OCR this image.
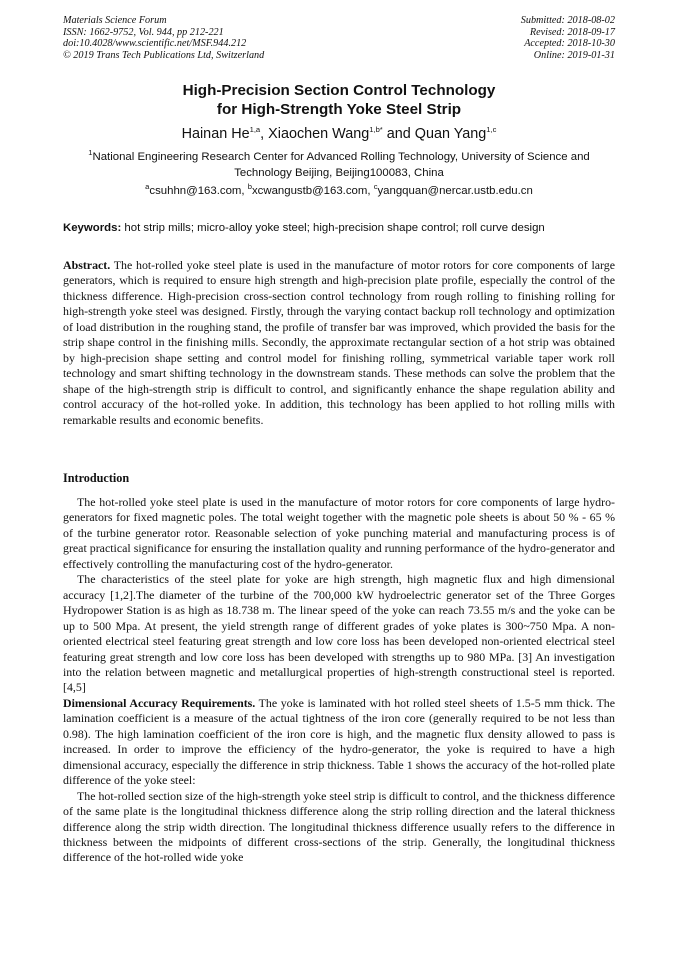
Materials Science Forum
ISSN: 1662-9752, Vol. 944, pp 212-221
doi:10.4028/www.scientific.net/MSF.944.212
© 2019 Trans Tech Publications Ltd, Switzerland
Submitted: 2018-08-02
Revised: 2018-09-17
Accepted: 2018-10-30
Online: 2019-01-31
High-Precision Section Control Technology
for High-Strength Yoke Steel Strip
Hainan He$^{1,a}$, Xiaochen Wang$^{1,b*}$ and Quan Yang$^{1,c}$
$^1$National Engineering Research Center for Advanced Rolling Technology, University of Science and Technology Beijing, Beijing100083, China
$^a$csuhhn@163.com, $^b$xcwangustb@163.com, $^c$yangquan@nercar.ustb.edu.cn
Keywords: hot strip mills; micro-alloy yoke steel; high-precision shape control; roll curve design
Abstract. The hot-rolled yoke steel plate is used in the manufacture of motor rotors for core components of large generators, which is required to ensure high strength and high-precision plate profile, especially the control of the thickness difference. High-precision cross-section control technology from rough rolling to finishing rolling for high-strength yoke steel was designed. Firstly, through the varying contact backup roll technology and optimization of load distribution in the roughing stand, the profile of transfer bar was improved, which provided the basis for the strip shape control in the finishing mills. Secondly, the approximate rectangular section of a hot strip was obtained by high-precision shape setting and control model for finishing rolling, symmetrical variable taper work roll technology and smart shifting technology in the downstream stands. These methods can solve the problem that the shape of the high-strength strip is difficult to control, and significantly enhance the shape regulation ability and control accuracy of the hot-rolled yoke. In addition, this technology has been applied to hot rolling mills with remarkable results and economic benefits.
Introduction

The hot-rolled yoke steel plate is used in the manufacture of motor rotors for core components of large hydro-generators for fixed magnetic poles. The total weight together with the magnetic pole sheets is about 50 % - 65 % of the turbine generator rotor. Reasonable selection of yoke punching material and manufacturing process is of great practical significance for ensuring the installation quality and running performance of the hydro-generator and effectively controlling the manufacturing cost of the hydro-generator.

The characteristics of the steel plate for yoke are high strength, high magnetic flux and high dimensional accuracy [1,2].The diameter of the turbine of the 700,000 kW hydroelectric generator set of the Three Gorges Hydropower Station is as high as 18.738 m. The linear speed of the yoke can reach 73.55 m/s and the yoke can be up to 500 Mpa. At present, the yield strength range of different grades of yoke plates is 300~750 Mpa. A non-oriented electrical steel featuring great strength and low core loss has been developed non-oriented electrical steel featuring great strength and low core loss has been developed with strengths up to 980 MPa. [3] An investigation into the relation between magnetic and metallurgical properties of high-strength constructional steel is reported. [4,5]

Dimensional Accuracy Requirements. The yoke is laminated with hot rolled steel sheets of 1.5-5 mm thick. The lamination coefficient is a measure of the actual tightness of the iron core (generally required to be not less than 0.98). The high lamination coefficient of the iron core is high, and the magnetic flux density allowed to pass is increased. In order to improve the efficiency of the hydro-generator, the yoke is required to have a high dimensional accuracy, especially the difference in strip thickness. Table 1 shows the accuracy of the hot-rolled plate difference of the yoke steel:

The hot-rolled section size of the high-strength yoke steel strip is difficult to control, and the thickness difference of the same plate is the longitudinal thickness difference along the strip rolling direction and the lateral thickness difference along the strip width direction. The longitudinal thickness difference usually refers to the difference in thickness between the midpoints of different cross-sections of the strip. Generally, the longitudinal thickness difference of the hot-rolled wide yoke
